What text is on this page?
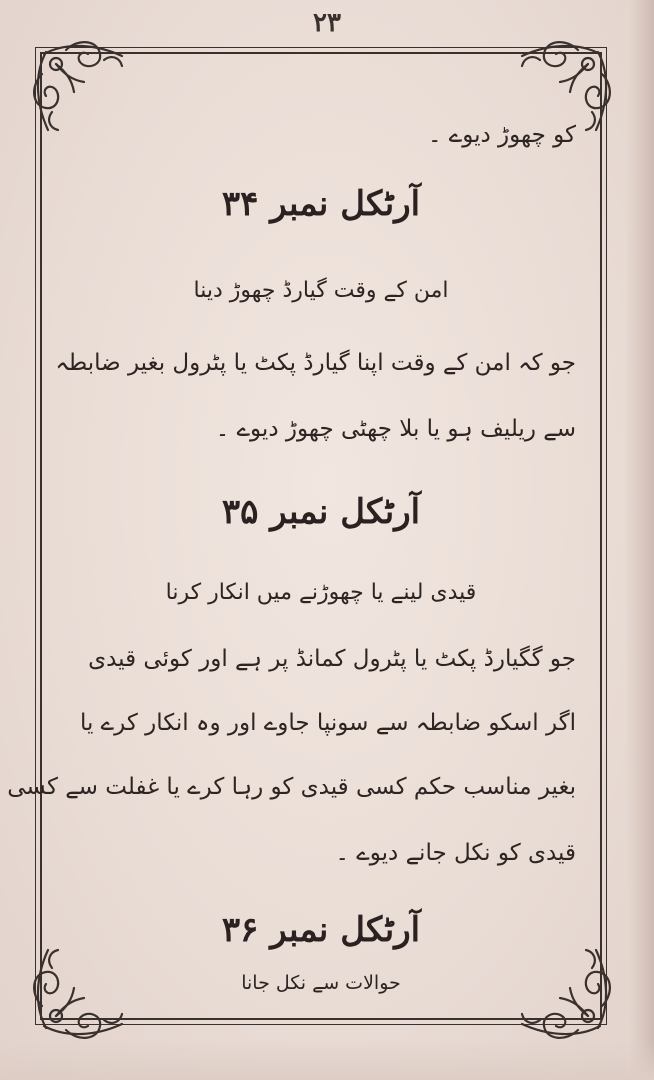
۲۳
کو چھوڑ دیوے ۔
آرٹکل نمبر ۳۴
امن کے وقت گیارڈ چھوڑ دینا
جو کہ امن کے وقت اپنا گیارڈ پکٹ یا پٹرول بغیر ضابطہ
سے ریلیف ہو یا بلا چھٹی چھوڑ دیوے ۔
آرٹکل نمبر ۳۵
قیدی لینے یا چھوڑنے میں انکار کرنا
جو گگیارڈ پکٹ یا پٹرول کمانڈ پر ہے اور کوئی قیدی
اگر اسکو ضابطہ سے سونپا جاوے اور وہ انکار کرے یا
بغیر مناسب حکم کسی قیدی کو رہا کرے یا غفلت سے کسی
قیدی کو نکل جانے دیوے ۔
آرٹکل نمبر ۳۶
حوالات سے نکل جانا
